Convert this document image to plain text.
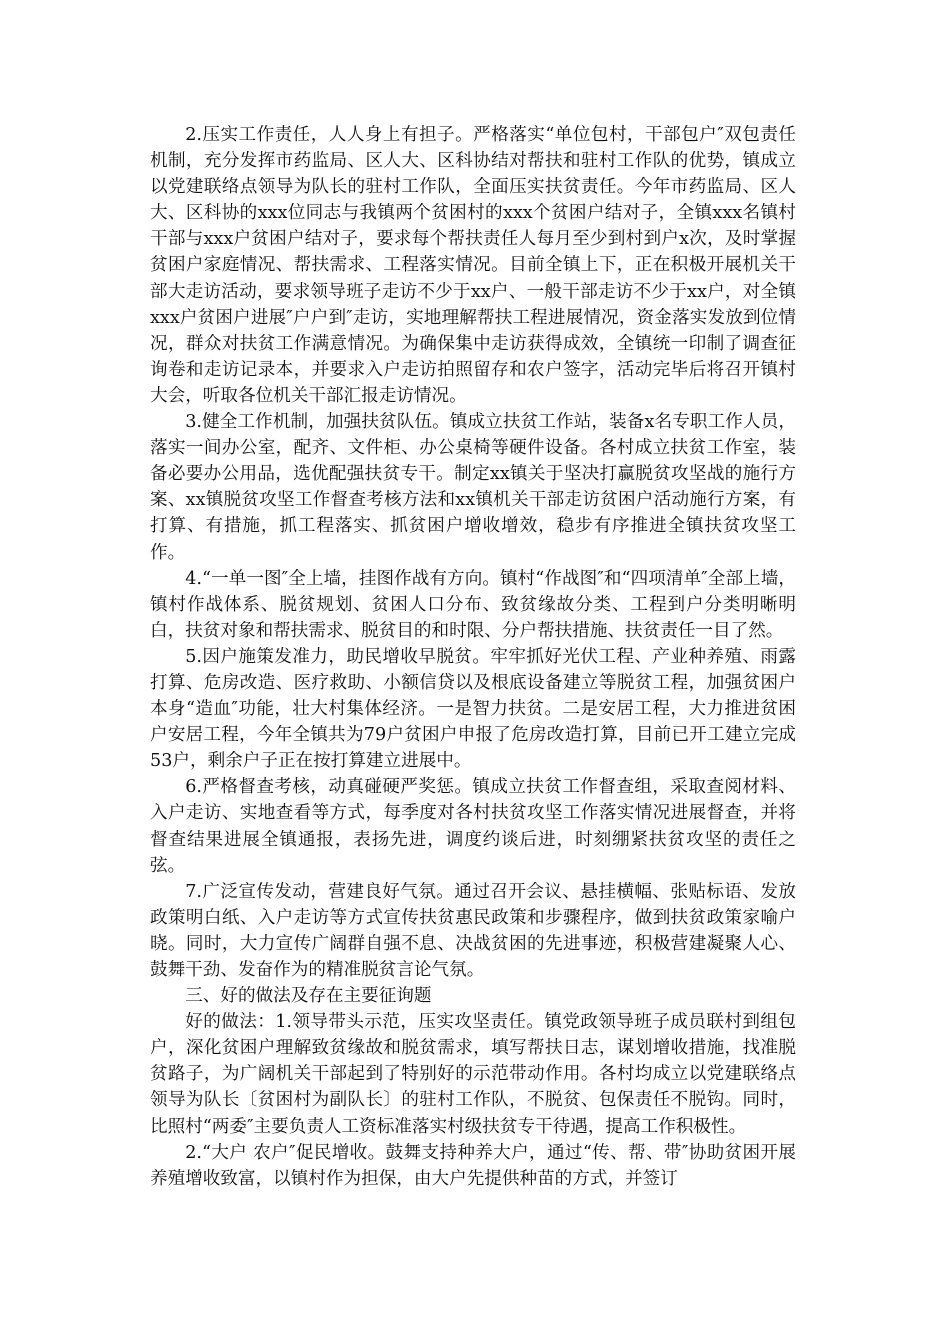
2.压实工作责任，人人身上有担子。严格落实“单位包村，干部包户″双包责任机制，充分发挥市药监局、区人大、区科协结对帮扶和驻村工作队的优势，镇成立以党建联络点领导为队长的驻村工作队，全面压实扶贫责任。今年市药监局、区人大、区科协的xxx位同志与我镇两个贫困村的xxx个贫困户结对子，全镇xxx名镇村干部与xxx户贫困户结对子，要求每个帮扶责任人每月至少到村到户x次，及时掌握贫困户家庭情况、帮扶需求、工程落实情况。目前全镇上下，正在积极开展机关干部大走访活动，要求领导班子走访不少于xx户、一般干部走访不少于xx户，对全镇xxx户贫困户进展″户户到″走访，实地理解帮扶工程进展情况，资金落实发放到位情况，群众对扶贫工作满意情况。为确保集中走访获得成效，全镇统一印制了调查征询卷和走访记录本，并要求入户走访拍照留存和农户签字，活动完毕后将召开镇村大会，听取各位机关干部汇报走访情况。

3.健全工作机制，加强扶贫队伍。镇成立扶贫工作站，装备x名专职工作人员，落实一间办公室，配齐、文件柜、办公桌椅等硬件设备。各村成立扶贫工作室，装备必要办公用品，选优配强扶贫专干。制定xx镇关于坚决打赢脱贫攻坚战的施行方案、xx镇脱贫攻坚工作督查考核方法和xx镇机关干部走访贫困户活动施行方案，有打算、有措施，抓工程落实、抓贫困户增收增效，稳步有序推进全镇扶贫攻坚工作。

4.“一单一图″全上墙，挂图作战有方向。镇村“作战图″和“四项清单″全部上墙，镇村作战体系、脱贫规划、贫困人口分布、致贫缘故分类、工程到户分类明晰明白，扶贫对象和帮扶需求、脱贫目的和时限、分户帮扶措施、扶贫责任一目了然。

5.因户施策发准力，助民增收早脱贫。牢牢抓好光伏工程、产业种养殖、雨露打算、危房改造、医疗救助、小额信贷以及根底设备建立等脱贫工程，加强贫困户本身“造血″功能，壮大村集体经济。一是智力扶贫。二是安居工程，大力推进贫困户安居工程，今年全镇共为79户贫困户申报了危房改造打算，目前已开工建立完成53户，剩余户子正在按打算建立进展中。

6.严格督查考核，动真碰硬严奖惩。镇成立扶贫工作督查组，采取查阅材料、入户走访、实地查看等方式，每季度对各村扶贫攻坚工作落实情况进展督查，并将督查结果进展全镇通报，表扬先进，调度约谈后进，时刻绷紧扶贫攻坚的责任之弦。

7.广泛宣传发动，营建良好气氛。通过召开会议、悬挂横幅、张贴标语、发放政策明白纸、入户走访等方式宣传扶贫惠民政策和步骤程序，做到扶贫政策家喻户晓。同时，大力宣传广阔群自强不息、决战贫困的先进事迹，积极营建凝聚人心、鼓舞干劲、发奋作为的精准脱贫言论气氛。

三、好的做法及存在主要征询题

好的做法：1.领导带头示范，压实攻坚责任。镇党政领导班子成员联村到组包户，深化贫困户理解致贫缘故和脱贫需求，填写帮扶日志，谋划增收措施，找准脱贫路子，为广阔机关干部起到了特别好的示范带动作用。各村均成立以党建联络点领导为队长〔贫困村为副队长〕的驻村工作队，不脱贫、包保责任不脱钩。同时，比照村“两委″主要负责人工资标准落实村级扶贫专干待遇，提高工作积极性。

2.“大户 农户″促民增收。鼓舞支持种养大户，通过“传、帮、带″协助贫困开展养殖增收致富，以镇村作为担保，由大户先提供种苗的方式，并签订
